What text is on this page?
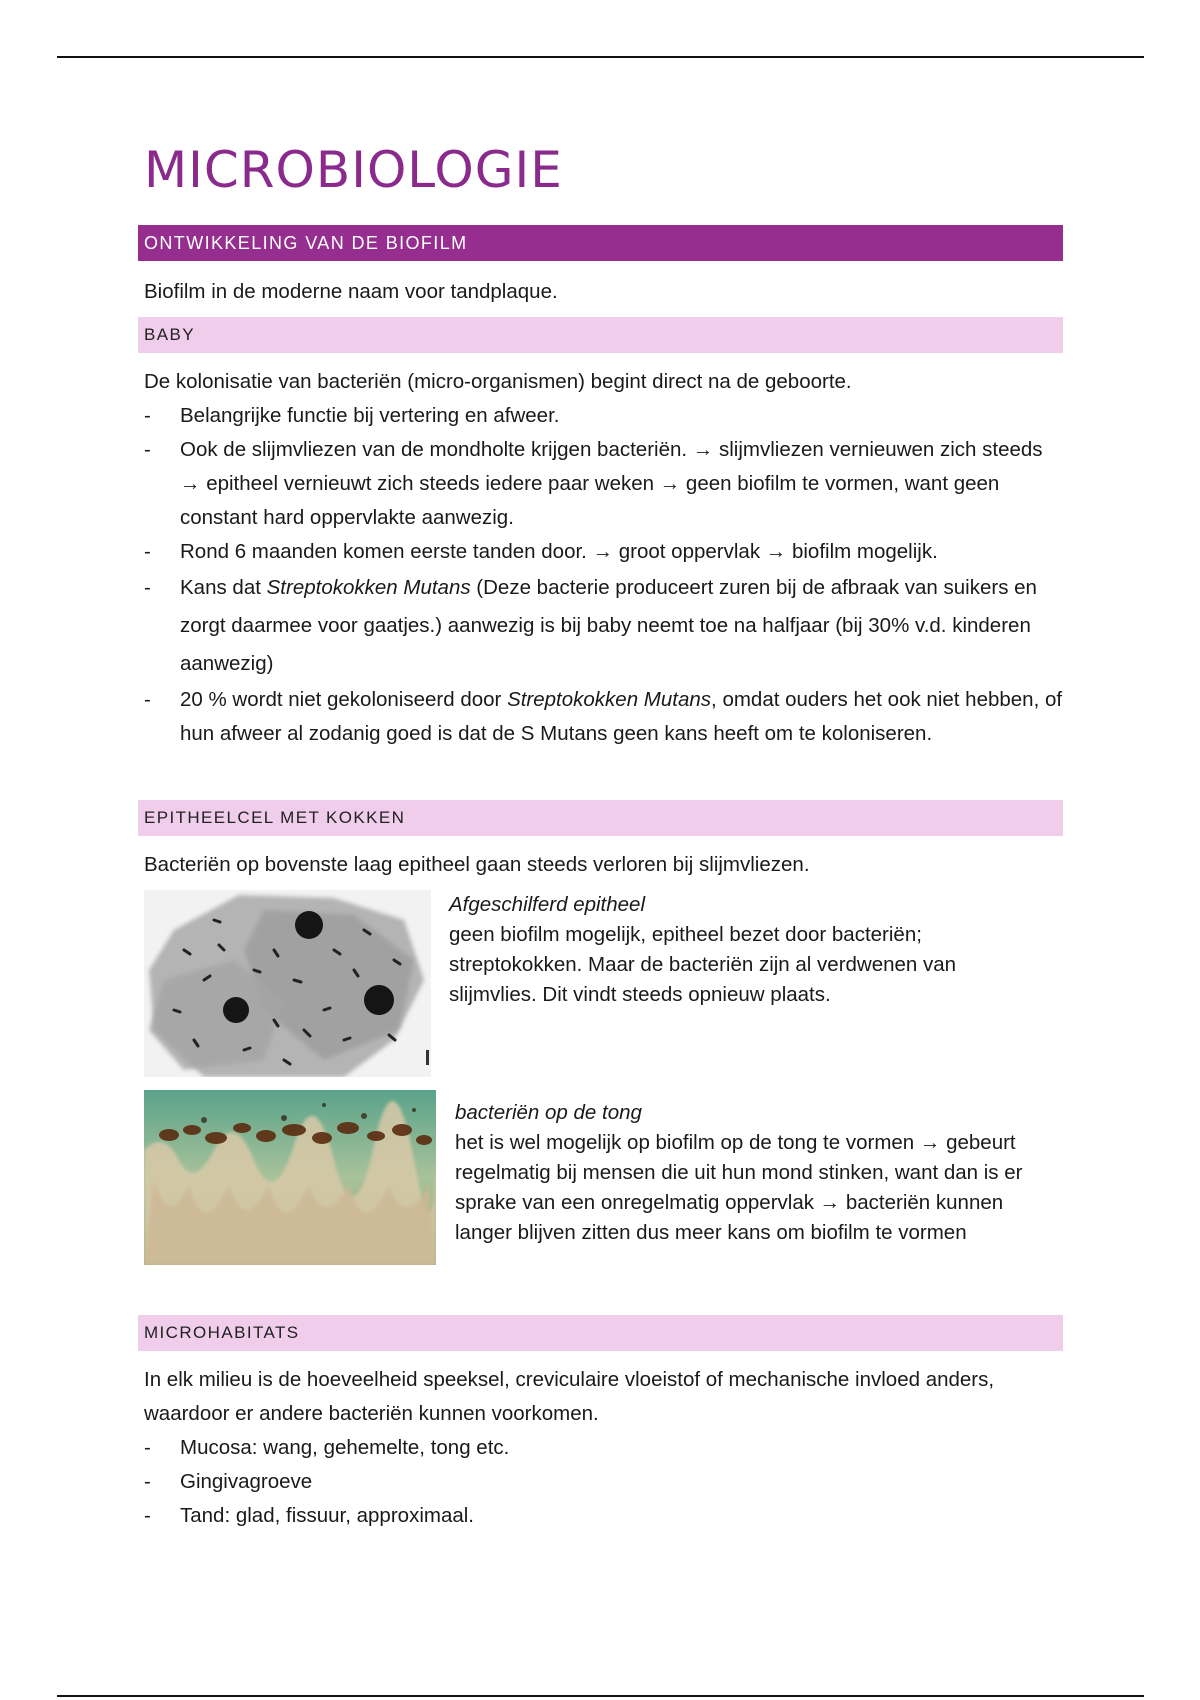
MICROBIOLOGIE
ONTWIKKELING VAN DE BIOFILM

Biofilm in de moderne naam voor tandplaque.

BABY

De kolonisatie van bacteriën (micro-organismen) begint direct na de geboorte.

- Belangrijke functie bij vertering en afweer.
- Ook de slijmvliezen van de mondholte krijgen bacteriën. → slijmvliezen vernieuwen zich steeds → epitheel vernieuwt zich steeds iedere paar weken → geen biofilm te vormen, want geen constant hard oppervlakte aanwezig.
- Rond 6 maanden komen eerste tanden door. → groot oppervlak → biofilm mogelijk.
- Kans dat Streptokokken Mutans (Deze bacterie produceert zuren bij de afbraak van suikers en zorgt daarmee voor gaatjes.) aanwezig is bij baby neemt toe na halfjaar (bij 30% v.d. kinderen aanwezig)
- 20 % wordt niet gekoloniseerd door Streptokokken Mutans, omdat ouders het ook niet hebben, of hun afweer al zodanig goed is dat de S Mutans geen kans heeft om te koloniseren.
EPITHEELCEL MET KOKKEN

Bacteriën op bovenste laag epitheel gaan steeds verloren bij slijmvliezen.

Afgeschilferd epitheel
geen biofilm mogelijk, epitheel bezet door bacteriën; streptokokken. Maar de bacteriën zijn al verdwenen van slijmvlies. Dit vindt steeds opnieuw plaats.
bacteriën op de tong
het is wel mogelijk op biofilm op de tong te vormen → gebeurt regelmatig bij mensen die uit hun mond stinken, want dan is er sprake van een onregelmatig oppervlak → bacteriën kunnen langer blijven zitten dus meer kans om biofilm te vormen
MICROHABITATS

In elk milieu is de hoeveelheid speeksel, creviculaire vloeistof of mechanische invloed anders, waardoor er andere bacteriën kunnen voorkomen.

- Mucosa: wang, gehemelte, tong etc.
- Gingivagroeve
- Tand: glad, fissuur, approximaal.
